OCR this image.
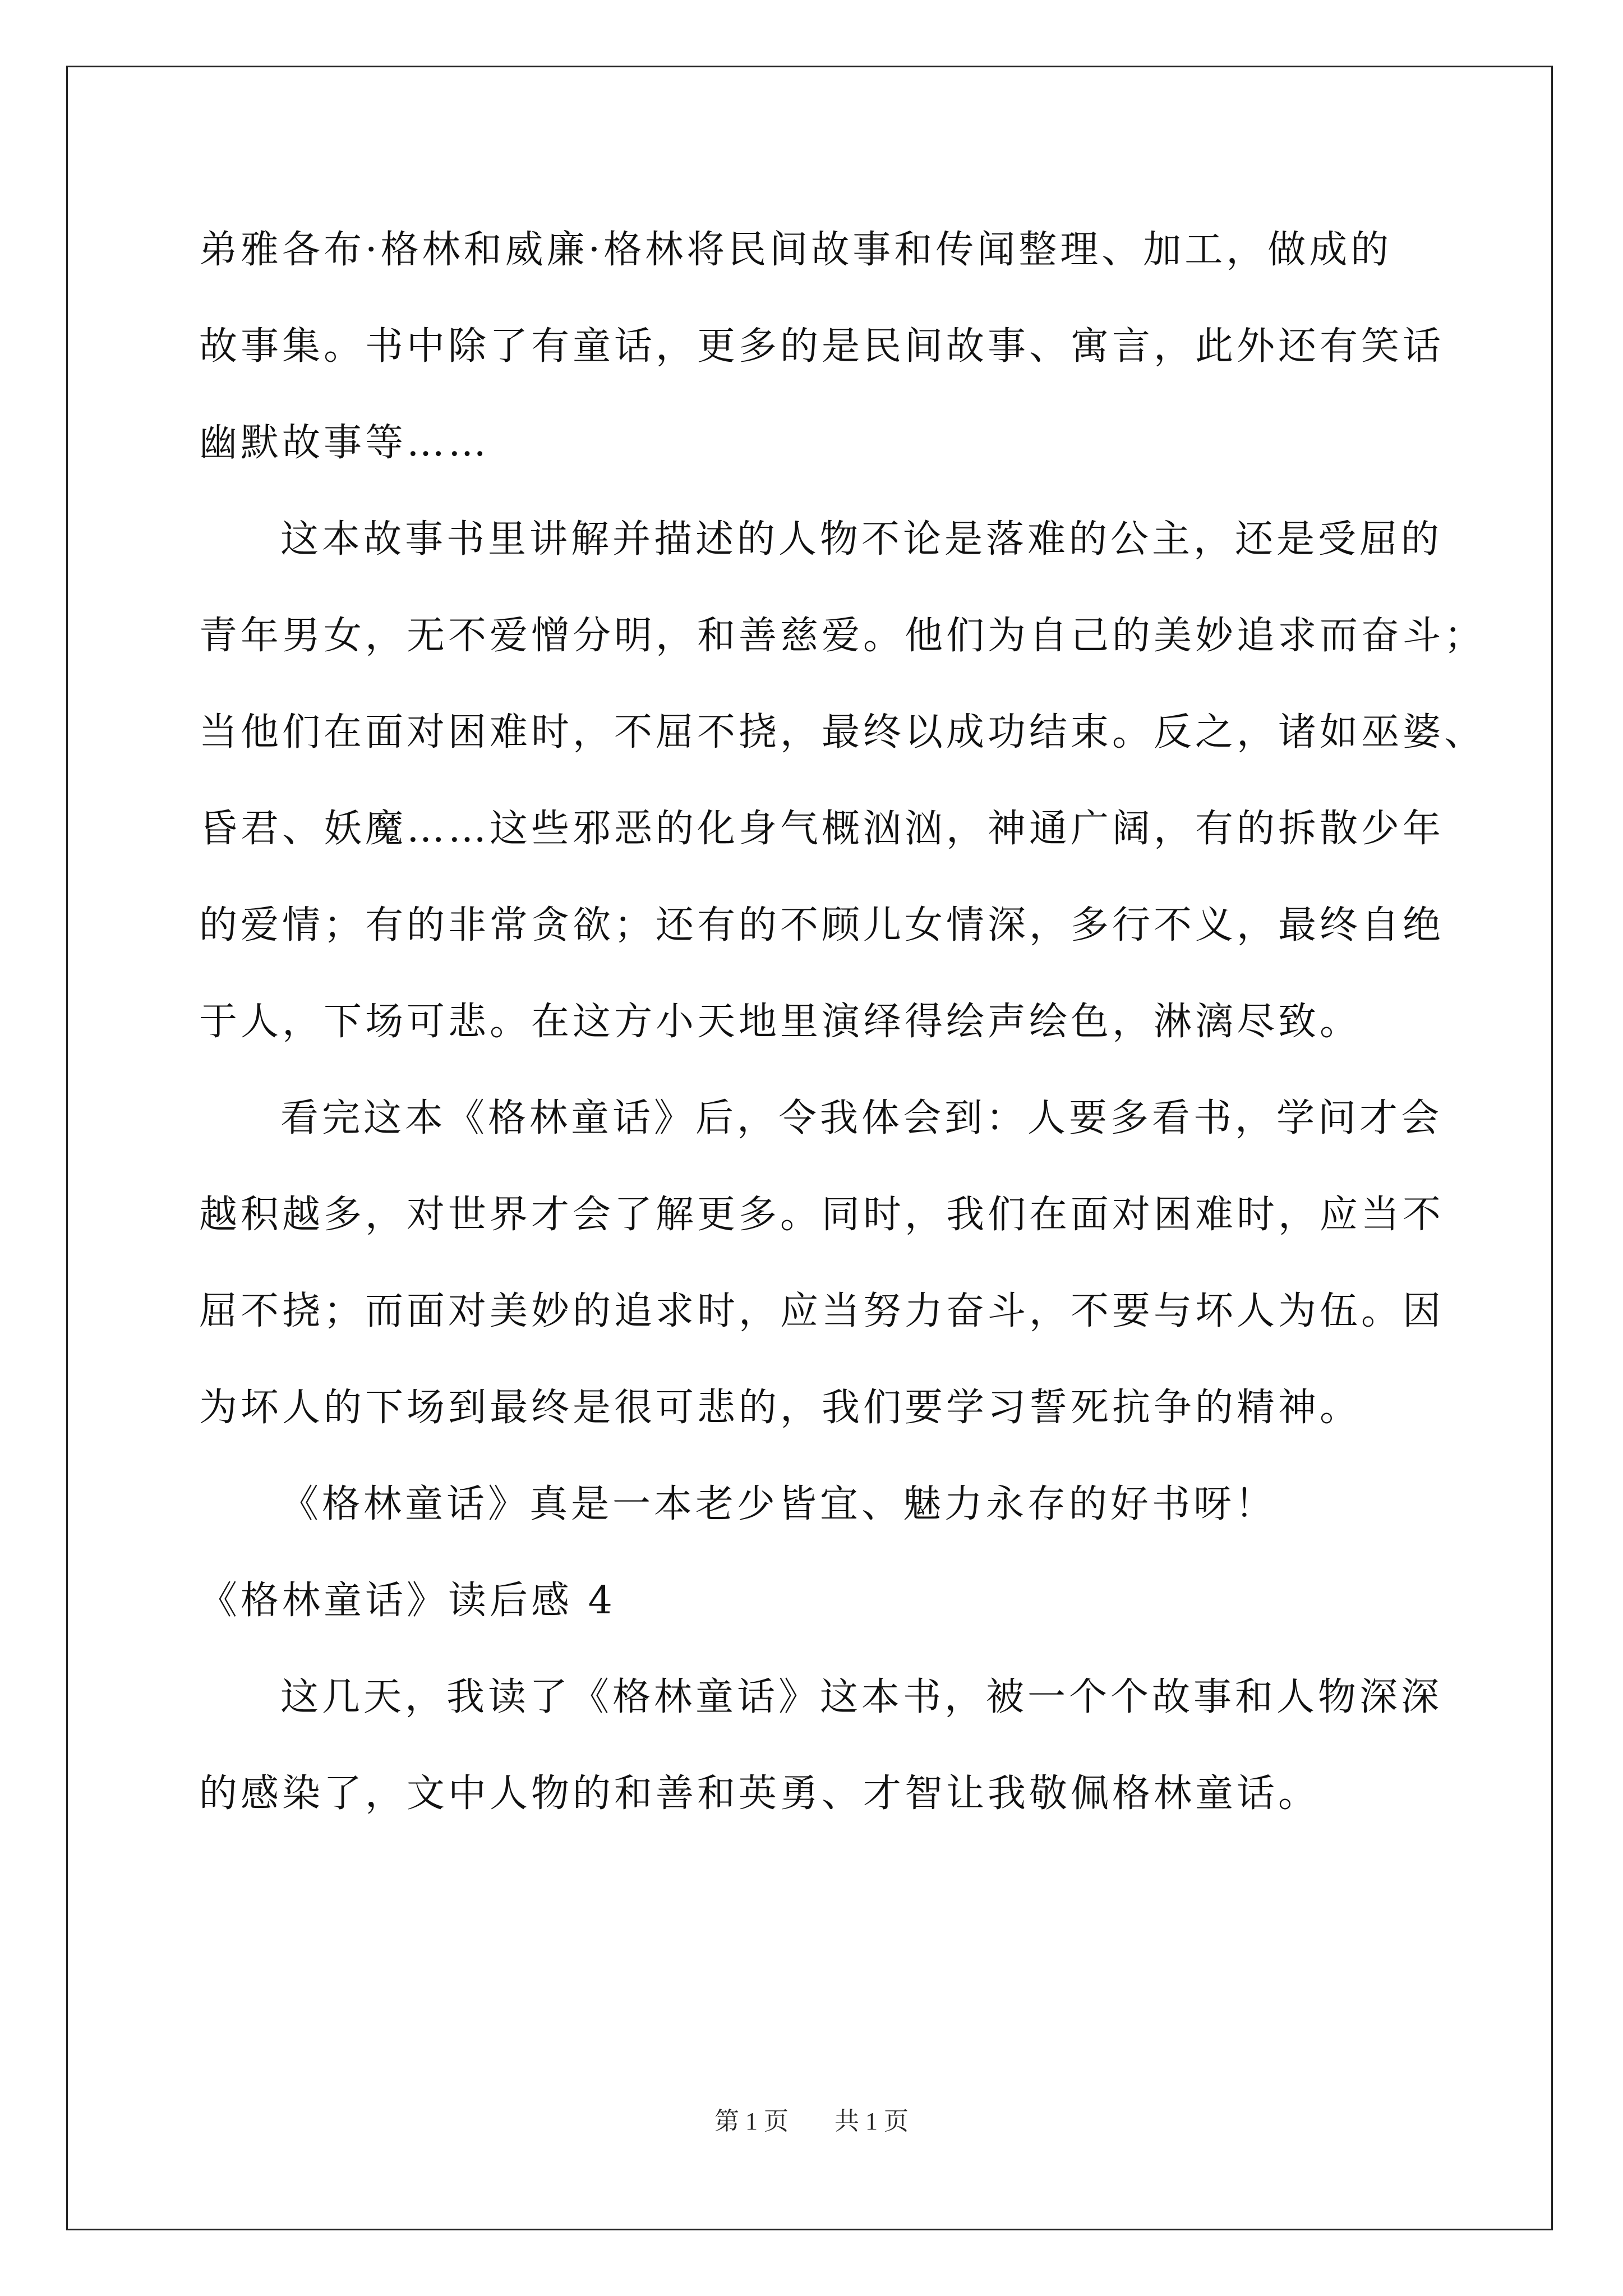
弟雅各布·格林和威廉·格林将民间故事和传闻整理、加工，做成的
故事集。书中除了有童话，更多的是民间故事、寓言，此外还有笑话
幽默故事等……
这本故事书里讲解并描述的人物不论是落难的公主，还是受屈的
青年男女，无不爱憎分明，和善慈爱。他们为自己的美妙追求而奋斗；
当他们在面对困难时，不屈不挠，最终以成功结束。反之，诸如巫婆、
昏君、妖魔……这些邪恶的化身气概汹汹，神通广阔，有的拆散少年
的爱情；有的非常贪欲；还有的不顾儿女情深，多行不义，最终自绝
于人，下场可悲。在这方小天地里演绎得绘声绘色，淋漓尽致。
看完这本《格林童话》后，令我体会到：人要多看书，学问才会
越积越多，对世界才会了解更多。同时，我们在面对困难时，应当不
屈不挠；而面对美妙的追求时，应当努力奋斗，不要与坏人为伍。因
为坏人的下场到最终是很可悲的，我们要学习誓死抗争的精神。
《格林童话》真是一本老少皆宜、魅力永存的好书呀！
《格林童话》读后感 4
这几天，我读了《格林童话》这本书，被一个个故事和人物深深
的感染了，文中人物的和善和英勇、才智让我敬佩格林童话。
第 1 页 共 1 页
